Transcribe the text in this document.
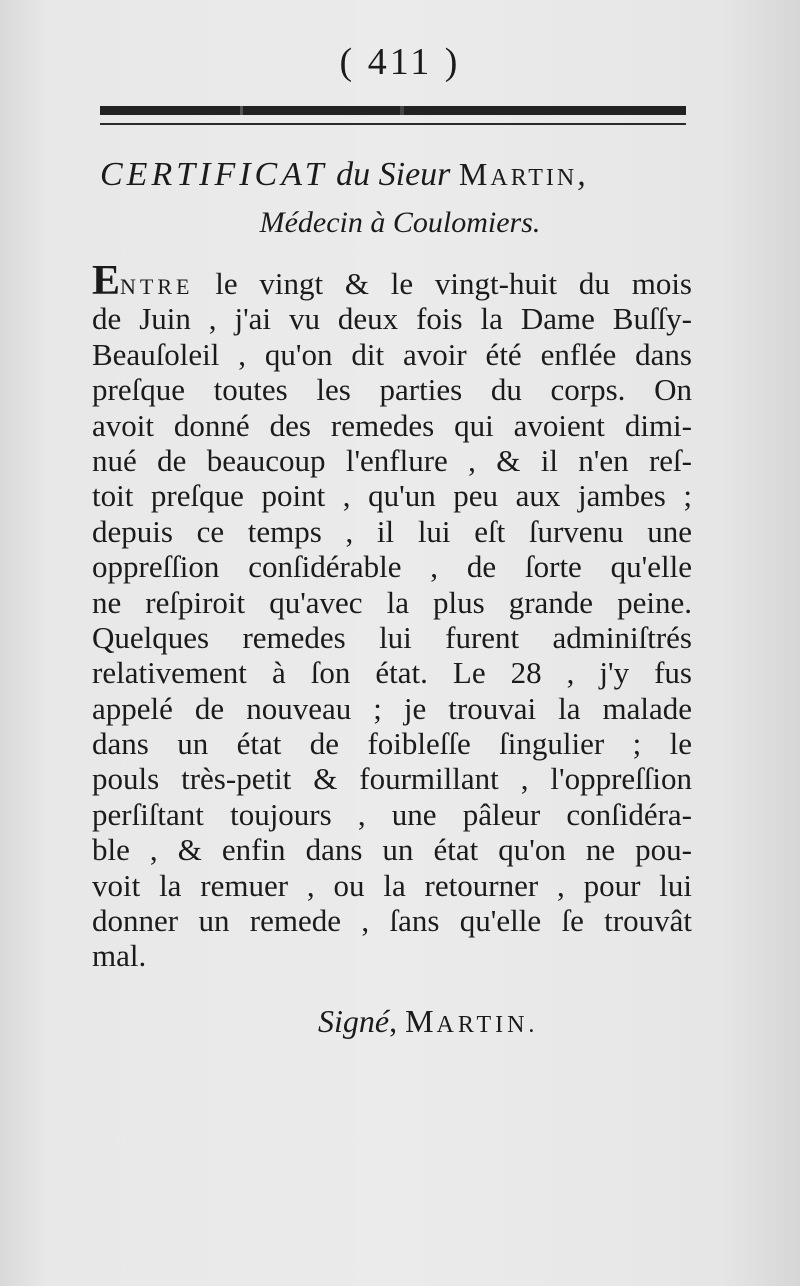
( 411 )
CERTIFICAT du Sieur MARTIN,
Médecin à Coulomiers.
ENTRE le vingt & le vingt-huit du mois
de Juin , j'ai vu deux fois la Dame Buſſy-
Beauſoleil , qu'on dit avoir été enflée dans
preſque toutes les parties du corps. On
avoit donné des remedes qui avoient dimi-
nué de beaucoup l'enflure , & il n'en reſ-
toit preſque point , qu'un peu aux jambes ;
depuis ce temps , il lui eſt ſurvenu une
oppreſſion conſidérable , de ſorte qu'elle
ne reſpiroit qu'avec la plus grande peine.
Quelques remedes lui furent adminiſtrés
relativement à ſon état. Le 28 , j'y fus
appelé de nouveau ; je trouvai la malade
dans un état de foibleſſe ſingulier ; le
pouls très-petit & fourmillant , l'oppreſſion
perſiſtant toujours , une pâleur conſidéra-
ble , & enfin dans un état qu'on ne pou-
voit la remuer , ou la retourner , pour lui
donner un remede , ſans qu'elle ſe trouvât
mal.
Signé, MARTIN.
